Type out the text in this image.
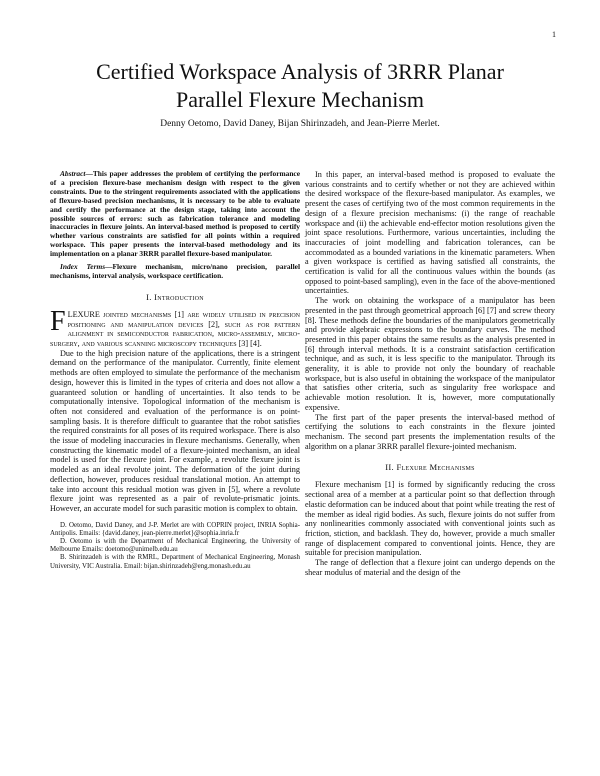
1
Certified Workspace Analysis of 3RRR Planar
Parallel Flexure Mechanism
Denny Oetomo, David Daney, Bijan Shirinzadeh, and Jean-Pierre Merlet.

Abstract—This paper addresses the problem of certifying the performance of a precision flexure-base mechanism design with respect to the given constraints. Due to the stringent requirements associated with the applications of flexure-based precision mechanisms, it is necessary to be able to evaluate and certify the performance at the design stage, taking into account the possible sources of errors: such as fabrication tolerance and modeling inaccuracies in flexure joints. An interval-based method is proposed to certify whether various constraints are satisfied for all points within a required workspace. This paper presents the interval-based methodology and its implementation on a planar 3RRR parallel flexure-based manipulator.

Index Terms—Flexure mechanism, micro/nano precision, parallel mechanisms, interval analysis, workspace certification.

I. Introduction

FLEXURE jointed mechanisms [1] are widely utilised in precision positioning and manipulation devices [2], such as for pattern alignment in semiconductor fabrication, micro-assembly, micro-surgery, and various scanning microscopy techniques [3] [4].

Due to the high precision nature of the applications, there is a stringent demand on the performance of the manipulator. Currently, finite element methods are often employed to simulate the performance of the mechanism design, however this is limited in the types of criteria and does not allow a guaranteed solution or handling of uncertainties. It also tends to be computationally intensive. Topological information of the mechanism is often not considered and evaluation of the performance is on point-sampling basis. It is therefore difficult to guarantee that the robot satisfies the required constraints for all poses of its required workspace. There is also the issue of modeling inaccuracies in flexure mechanisms. Generally, when constructing the kinematic model of a flexure-jointed mechanism, an ideal model is used for the flexure joint. For example, a revolute flexure joint is modeled as an ideal revolute joint. The deformation of the joint during deflection, however, produces residual translational motion. An attempt to take into account this residual motion was given in [5], where a revolute flexure joint was represented as a pair of revolute-prismatic joints. However, an accurate model for such parasitic motion is complex to obtain.

D. Oetomo, David Daney, and J-P. Merlet are with COPRIN project, INRIA Sophia-Antipolis. Emails: {david.daney, jean-pierre.merlet}@sophia.inria.fr

D. Oetomo is with the Department of Mechanical Engineering, the University of Melbourne Emails: doetomo@unimelb.edu.au

B. Shirinzadeh is with the RMRL, Department of Mechanical Engineering, Monash University, VIC Australia. Email: bijan.shirinzadeh@eng.monash.edu.au

In this paper, an interval-based method is proposed to evaluate the various constraints and to certify whether or not they are achieved within the desired workspace of the flexure-based manipulator. As examples, we present the cases of certifying two of the most common requirements in the design of a flexure precision mechanisms: (i) the range of reachable workspace and (ii) the achievable end-effector motion resolutions given the joint space resolutions. Furthermore, various uncertainties, including the inaccuracies of joint modelling and fabrication tolerances, can be accommodated as a bounded variations in the kinematic parameters. When a given workspace is certified as having satisfied all constraints, the certification is valid for all the continuous values within the bounds (as opposed to point-based sampling), even in the face of the above-mentioned uncertainties.

The work on obtaining the workspace of a manipulator has been presented in the past through geometrical approach [6] [7] and screw theory [8]. These methods define the boundaries of the manipulators geometrically and provide algebraic expressions to the boundary curves. The method presented in this paper obtains the same results as the analysis presented in [6] through interval methods. It is a constraint satisfaction certification technique, and as such, it is less specific to the manipulator. Through its generality, it is able to provide not only the boundary of reachable workspace, but is also useful in obtaining the workspace of the manipulator that satisfies other criteria, such as singularity free workspace and achievable motion resolution. It is, however, more computationally expensive.

The first part of the paper presents the interval-based method of certifying the solutions to each constraints in the flexure jointed mechanism. The second part presents the implementation results of the algorithm on a planar 3RRR parallel flexure-jointed mechanism.

II. Flexure Mechanisms

Flexure mechanism [1] is formed by significantly reducing the cross sectional area of a member at a particular point so that deflection through elastic deformation can be induced about that point while treating the rest of the member as ideal rigid bodies. As such, flexure joints do not suffer from any nonlinearities commonly associated with conventional joints such as friction, stiction, and backlash. They do, however, provide a much smaller range of displacement compared to conventional joints. Hence, they are suitable for precision manipulation.

The range of deflection that a flexure joint can undergo depends on the shear modulus of material and the design of the
